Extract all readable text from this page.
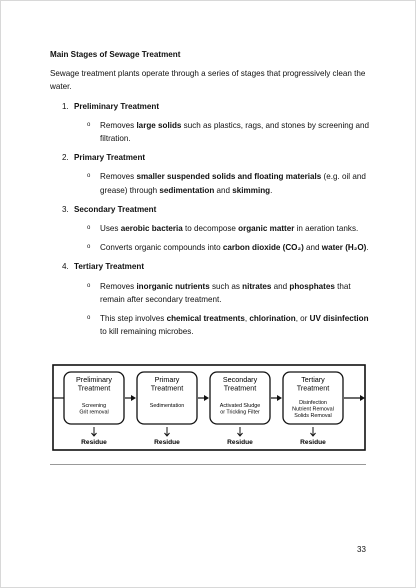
Main Stages of Sewage Treatment

Sewage treatment plants operate through a series of stages that progressively clean the water.

1. Preliminary Treatment

o Removes large solids such as plastics, rags, and stones by screening and filtration.

2. Primary Treatment

o Removes smaller suspended solids and floating materials (e.g. oil and grease) through sedimentation and skimming.

3. Secondary Treatment

o Uses aerobic bacteria to decompose organic matter in aeration tanks.

o Converts organic compounds into carbon dioxide (CO₂) and water (H₂O).

4. Tertiary Treatment

o Removes inorganic nutrients such as nitrates and phosphates that remain after secondary treatment.

o This step involves chemical treatments, chlorination, or UV disinfection to kill remaining microbes.

Preliminary
Treatment
Screening
Grit removal
Residue
Primary
Treatment
Sedimentation
Residue
Secondary
Treatment
Activated Sludge
or Trickling Filter
Residue
Tertiary
Treatment
Disinfection
Nutrient Removal
Solids Removal
Residue
33
